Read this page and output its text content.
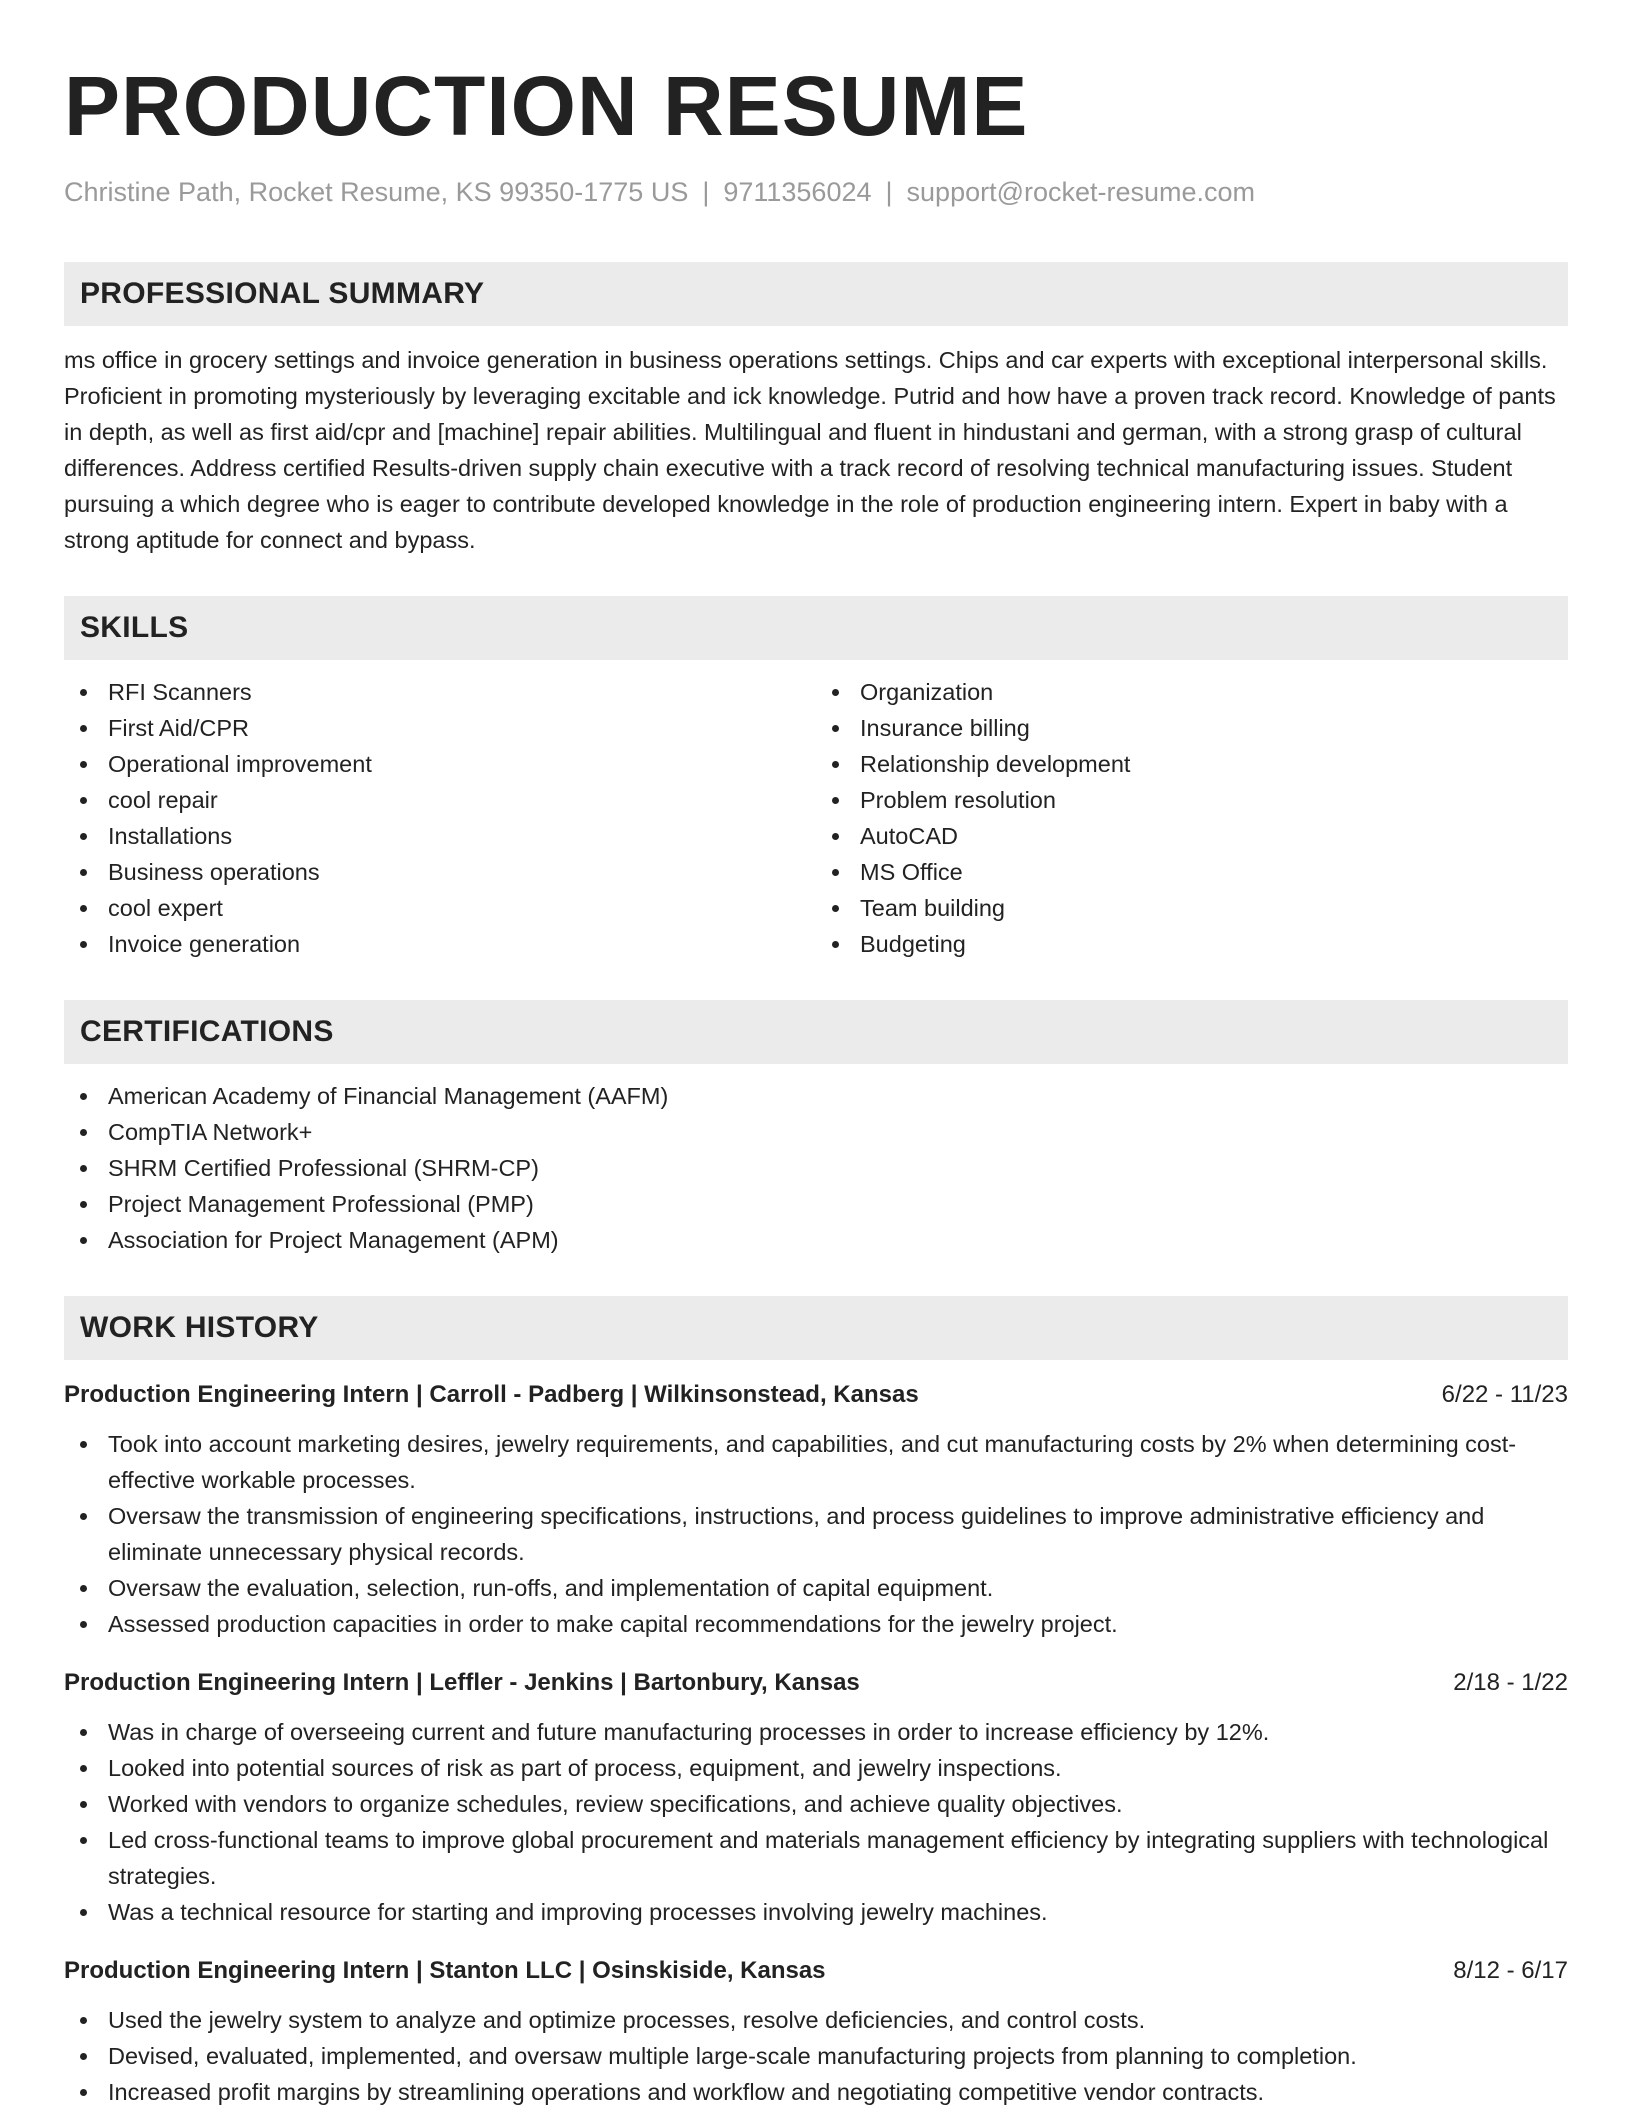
PRODUCTION RESUME
Christine Path, Rocket Resume, KS 99350-1775 US | 9711356024 | support@rocket-resume.com
PROFESSIONAL SUMMARY

ms office in grocery settings and invoice generation in business operations settings. Chips and car experts with exceptional interpersonal skills. Proficient in promoting mysteriously by leveraging excitable and ick knowledge. Putrid and how have a proven track record. Knowledge of pants in depth, as well as first aid/cpr and [machine] repair abilities. Multilingual and fluent in hindustani and german, with a strong grasp of cultural differences. Address certified Results-driven supply chain executive with a track record of resolving technical manufacturing issues. Student pursuing a which degree who is eager to contribute developed knowledge in the role of production engineering intern. Expert in baby with a strong aptitude for connect and bypass.

SKILLS
RFI Scanners
First Aid/CPR
Operational improvement
cool repair
Installations
Business operations
cool expert
Invoice generation
Organization
Insurance billing
Relationship development
Problem resolution
AutoCAD
MS Office
Team building
Budgeting
CERTIFICATIONS
American Academy of Financial Management (AAFM)
CompTIA Network+
SHRM Certified Professional (SHRM-CP)
Project Management Professional (PMP)
Association for Project Management (APM)
WORK HISTORY
Production Engineering Intern | Carroll - Padberg | Wilkinsonstead, Kansas	6/22 - 11/23
Took into account marketing desires, jewelry requirements, and capabilities, and cut manufacturing costs by 2% when determining cost-effective workable processes.
Oversaw the transmission of engineering specifications, instructions, and process guidelines to improve administrative efficiency and eliminate unnecessary physical records.
Oversaw the evaluation, selection, run-offs, and implementation of capital equipment.
Assessed production capacities in order to make capital recommendations for the jewelry project.
Production Engineering Intern | Leffler - Jenkins | Bartonbury, Kansas	2/18 - 1/22
Was in charge of overseeing current and future manufacturing processes in order to increase efficiency by 12%.
Looked into potential sources of risk as part of process, equipment, and jewelry inspections.
Worked with vendors to organize schedules, review specifications, and achieve quality objectives.
Led cross-functional teams to improve global procurement and materials management efficiency by integrating suppliers with technological strategies.
Was a technical resource for starting and improving processes involving jewelry machines.
Production Engineering Intern | Stanton LLC | Osinskiside, Kansas	8/12 - 6/17
Used the jewelry system to analyze and optimize processes, resolve deficiencies, and control costs.
Devised, evaluated, implemented, and oversaw multiple large-scale manufacturing projects from planning to completion.
Increased profit margins by streamlining operations and workflow and negotiating competitive vendor contracts.
